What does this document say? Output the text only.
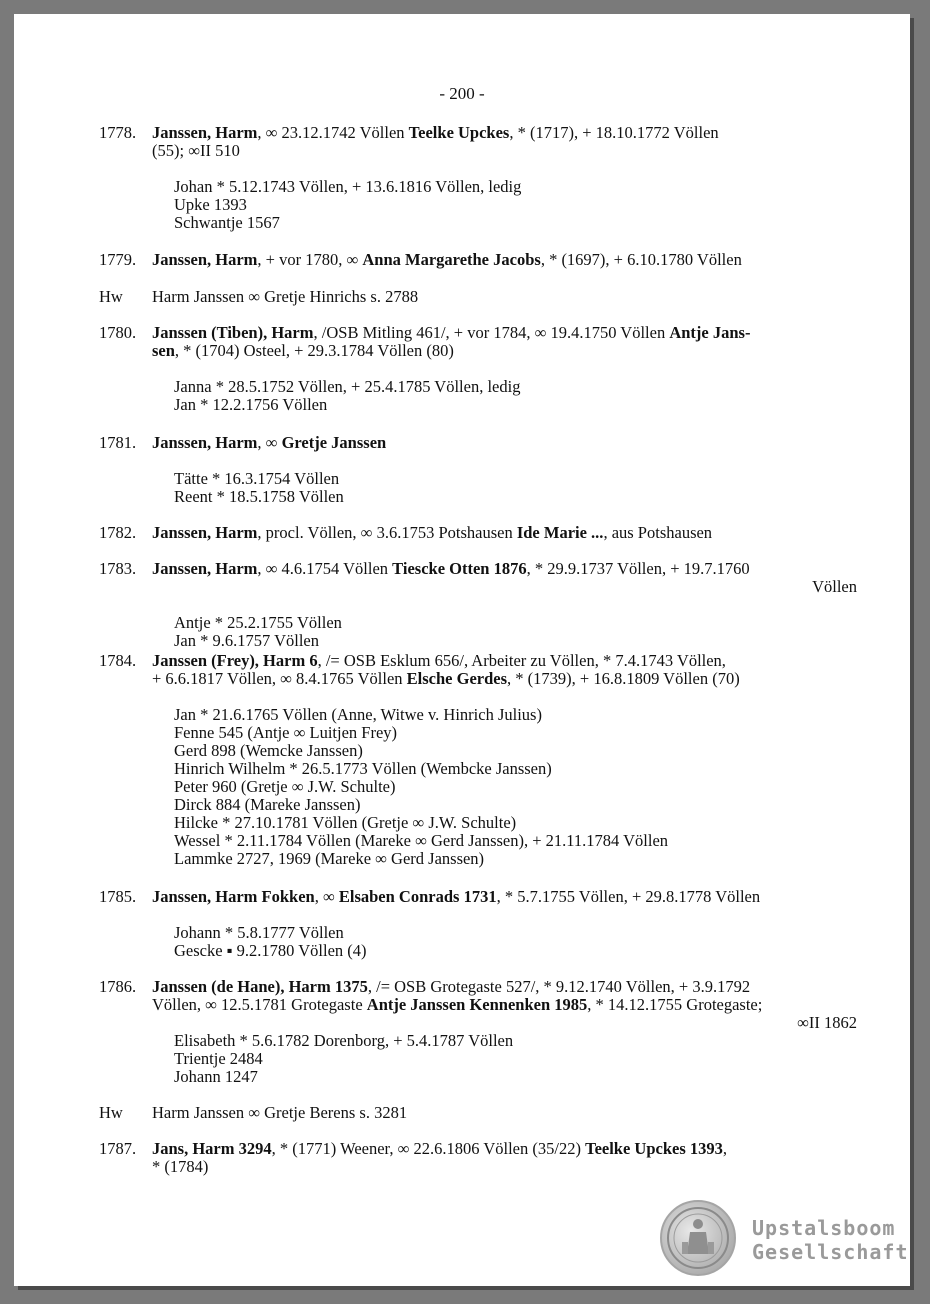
- 200 -
1778. Janssen, Harm, ∞ 23.12.1742 Völlen Teelke Upckes, * (1717), + 18.10.1772 Völlen
(55); ∞II 510
Johan * 5.12.1743 Völlen, + 13.6.1816 Völlen, ledig
Upke 1393
Schwantje 1567
1779. Janssen, Harm, + vor 1780, ∞ Anna Margarethe Jacobs, * (1697), + 6.10.1780 Völlen
Hw Harm Janssen ∞ Gretje Hinrichs s. 2788
1780. Janssen (Tiben), Harm, /OSB Mitling 461/, + vor 1784, ∞ 19.4.1750 Völlen Antje Jans-
sen, * (1704) Osteel, + 29.3.1784 Völlen (80)
Janna * 28.5.1752 Völlen, + 25.4.1785 Völlen, ledig
Jan * 12.2.1756 Völlen
1781. Janssen, Harm, ∞ Gretje Janssen
Tätte * 16.3.1754 Völlen
Reent * 18.5.1758 Völlen
1782. Janssen, Harm, procl. Völlen, ∞ 3.6.1753 Potshausen Ide Marie ..., aus Potshausen
1783. Janssen, Harm, ∞ 4.6.1754 Völlen Tiescke Otten 1876, * 29.9.1737 Völlen, + 19.7.1760
Völlen
Antje * 25.2.1755 Völlen
Jan * 9.6.1757 Völlen
1784. Janssen (Frey), Harm 6, /= OSB Esklum 656/, Arbeiter zu Völlen, * 7.4.1743 Völlen,
+ 6.6.1817 Völlen, ∞ 8.4.1765 Völlen Elsche Gerdes, * (1739), + 16.8.1809 Völlen (70)
Jan * 21.6.1765 Völlen (Anne, Witwe v. Hinrich Julius)
Fenne 545 (Antje ∞ Luitjen Frey)
Gerd 898 (Wemcke Janssen)
Hinrich Wilhelm * 26.5.1773 Völlen (Wembcke Janssen)
Peter 960 (Gretje ∞ J.W. Schulte)
Dirck 884 (Mareke Janssen)
Hilcke * 27.10.1781 Völlen (Gretje ∞ J.W. Schulte)
Wessel * 2.11.1784 Völlen (Mareke ∞ Gerd Janssen), + 21.11.1784 Völlen
Lammke 2727, 1969 (Mareke ∞ Gerd Janssen)
1785. Janssen, Harm Fokken, ∞ Elsaben Conrads 1731, * 5.7.1755 Völlen, + 29.8.1778 Völlen
Johann * 5.8.1777 Völlen
Gescke ▪ 9.2.1780 Völlen (4)
1786. Janssen (de Hane), Harm 1375, /= OSB Grotegaste 527/, * 9.12.1740 Völlen, + 3.9.1792
Völlen, ∞ 12.5.1781 Grotegaste Antje Janssen Kennenken 1985, * 14.12.1755 Grotegaste;
∞II 1862
Elisabeth * 5.6.1782 Dorenborg, + 5.4.1787 Völlen
Trientje 2484
Johann 1247
Hw Harm Janssen ∞ Gretje Berens s. 3281
1787. Jans, Harm 3294, * (1771) Weener, ∞ 22.6.1806 Völlen (35/22) Teelke Upckes 1393,
* (1784)
Upstalsboom
Gesellschaft
